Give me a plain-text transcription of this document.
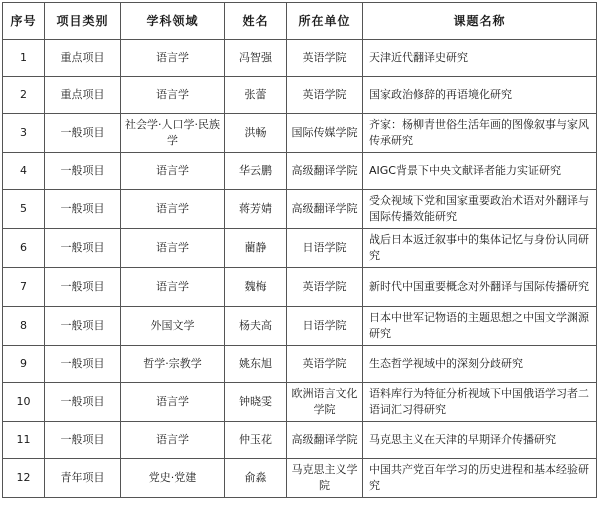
序号	项目类别	学科领域	姓名	所在单位	课题名称
1	重点项目	语言学	冯智强	英语学院	天津近代翻译史研究
2	重点项目	语言学	张蕾	英语学院	国家政治修辞的再语境化研究
3	一般项目	社会学·人口学·民族学	洪畅	国际传媒学院	齐家：杨柳青世俗生活年画的图像叙事与家风传承研究
4	一般项目	语言学	华云鹏	高级翻译学院	AIGC背景下中央文献译者能力实证研究
5	一般项目	语言学	蒋芳婧	高级翻译学院	受众视域下党和国家重要政治术语对外翻译与国际传播效能研究
6	一般项目	语言学	藺静	日语学院	战后日本返迁叙事中的集体记忆与身份认同研究
7	一般项目	语言学	魏梅	英语学院	新时代中国重要概念对外翻译与国际传播研究
8	一般项目	外国文学	杨夫高	日语学院	日本中世军记物语的主题思想之中国文学渊源研究
9	一般项目	哲学·宗教学	姚东旭	英语学院	生态哲学视域中的深刻分歧研究
10	一般项目	语言学	钟晓雯	欧洲语言文化学院	语料库行为特征分析视域下中国俄语学习者二语词汇习得研究
11	一般项目	语言学	仲玉花	高级翻译学院	马克思主义在天津的早期译介传播研究
12	青年项目	党史·党建	俞淼	马克思主义学院	中国共产党百年学习的历史进程和基本经验研究
